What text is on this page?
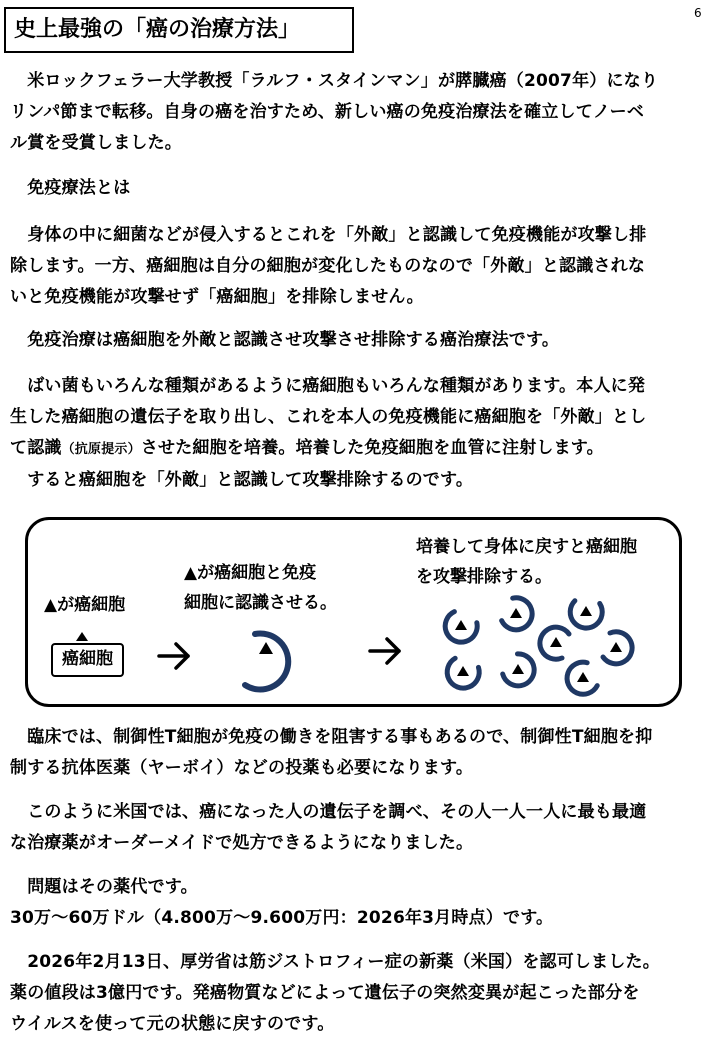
6
史上最強の「癌の治療方法」

　米ロックフェラー大学教授「ラルフ・スタインマン」が膵臓癌（2007年）になり
リンパ節まで転移。自身の癌を治すため、新しい癌の免疫治療法を確立してノーベ
ル賞を受賞しました。

　免疫療法とは

　身体の中に細菌などが侵入するとこれを「外敵」と認識して免疫機能が攻撃し排
除します。一方、癌細胞は自分の細胞が変化したものなので「外敵」と認識されな
いと免疫機能が攻撃せず「癌細胞」を排除しません。

　免疫治療は癌細胞を外敵と認識させ攻撃させ排除する癌治療法です。

　ばい菌もいろんな種類があるように癌細胞もいろんな種類があります。本人に発
生した癌細胞の遺伝子を取り出し、これを本人の免疫機能に癌細胞を「外敵」とし
て認識（抗原提示）させた細胞を培養。培養した免疫細胞を血管に注射します。
　すると癌細胞を「外敵」と認識して攻撃排除するのです。

▲が癌細胞
癌細胞
▲が癌細胞と免疫
細胞に認識させる。
培養して身体に戻すと癌細胞
を攻撃排除する。

　臨床では、制御性T細胞が免疫の働きを阻害する事もあるので、制御性T細胞を抑
制する抗体医薬（ヤーボイ）などの投薬も必要になります。

　このように米国では、癌になった人の遺伝子を調べ、その人一人一人に最も最適
な治療薬がオーダーメイドで処方できるようになりました。

　問題はその薬代です。
30万～60万ドル（4.800万～9.600万円：2026年3月時点）です。

　2026年2月13日、厚労省は筋ジストロフィー症の新薬（米国）を認可しました。
薬の値段は3億円です。発癌物質などによって遺伝子の突然変異が起こった部分を
ウイルスを使って元の状態に戻すのです。
